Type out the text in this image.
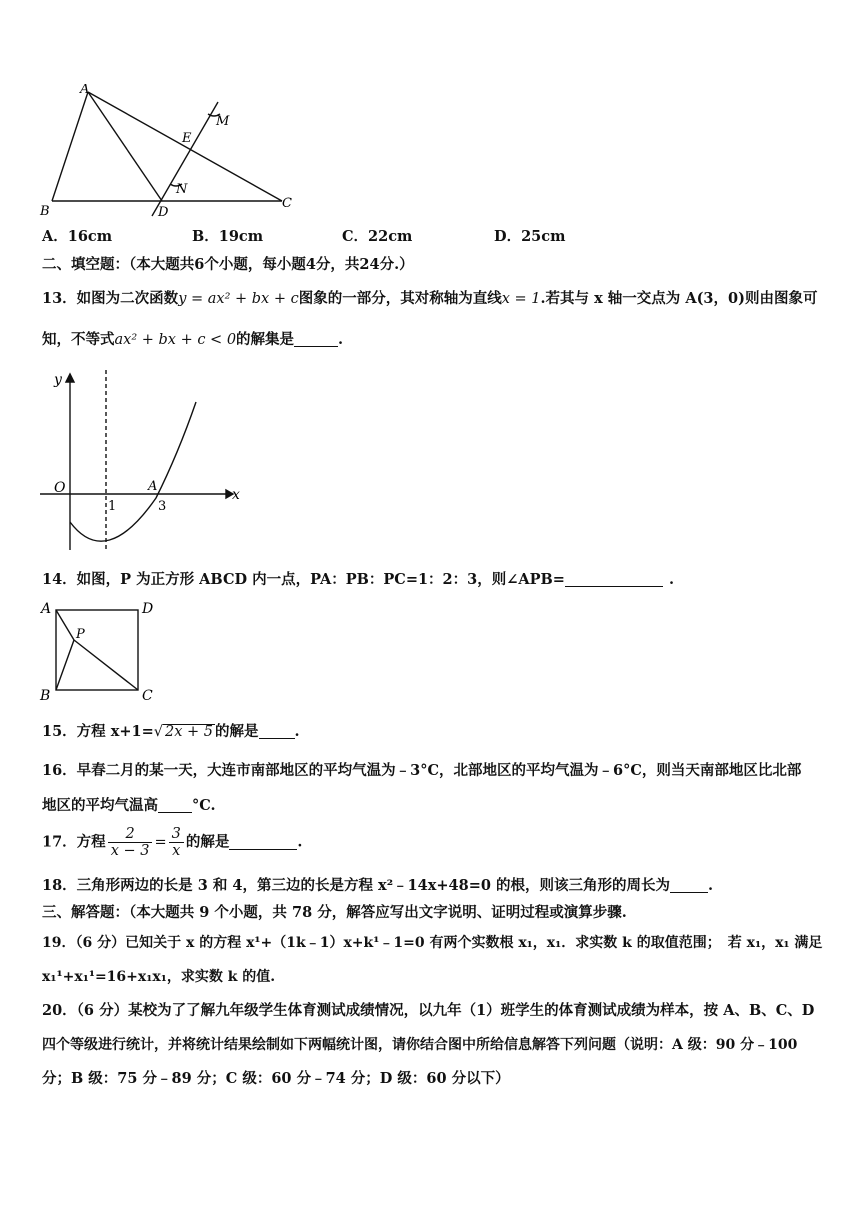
A
B
C
D
E
M
N
A．16cm	B．19cm	C．22cm	D．25cm
二、填空题：（本大题共6个小题，每小题4分，共24分.）
13．如图为二次函数y = ax² + bx + c图象的一部分，其对称轴为直线x = 1.若其与 x 轴一交点为 A(3，0)则由图象可
知，不等式ax² + bx + c < 0的解集是	.
y
x
O
1	3
A
14．如图，P 为正方形 ABCD 内一点，PA：PB：PC=1：2：3，则∠APB=	.
A	D
B	C
P
15．方程 x+1=√ 2x + 5 的解是 .
16．早春二月的某一天，大连市南部地区的平均气温为﹣3°C，北部地区的平均气温为﹣6°C，则当天南部地区比北部
地区的平均气温高 °C.
17．方程 $\frac{2}{x - 3} = \frac{3}{x}$ 的解是	.
18．三角形两边的长是 3 和 4，第三边的长是方程 x²﹣14x+48=0 的根，则该三角形的周长为	.
三、解答题：（本大题共 9 个小题，共 78 分，解答应写出文字说明、证明过程或演算步骤.
19．（6 分）已知关于 x 的方程 x¹+（1k﹣1）x+k¹﹣1=0 有两个实数根 x₁，x₁．求实数 k 的取值范围；　若 x₁，x₁ 满足
x₁¹+x₁¹=16+x₁x₁，求实数 k 的值.
20．（6 分）某校为了了解九年级学生体育测试成绩情况，以九年（1）班学生的体育测试成绩为样本，按 A、B、C、D
四个等级进行统计，并将统计结果绘制如下两幅统计图，请你结合图中所给信息解答下列问题（说明：A 级：90 分﹣100
分；B 级：75 分﹣89 分；C 级：60 分﹣74 分；D 级：60 分以下）
